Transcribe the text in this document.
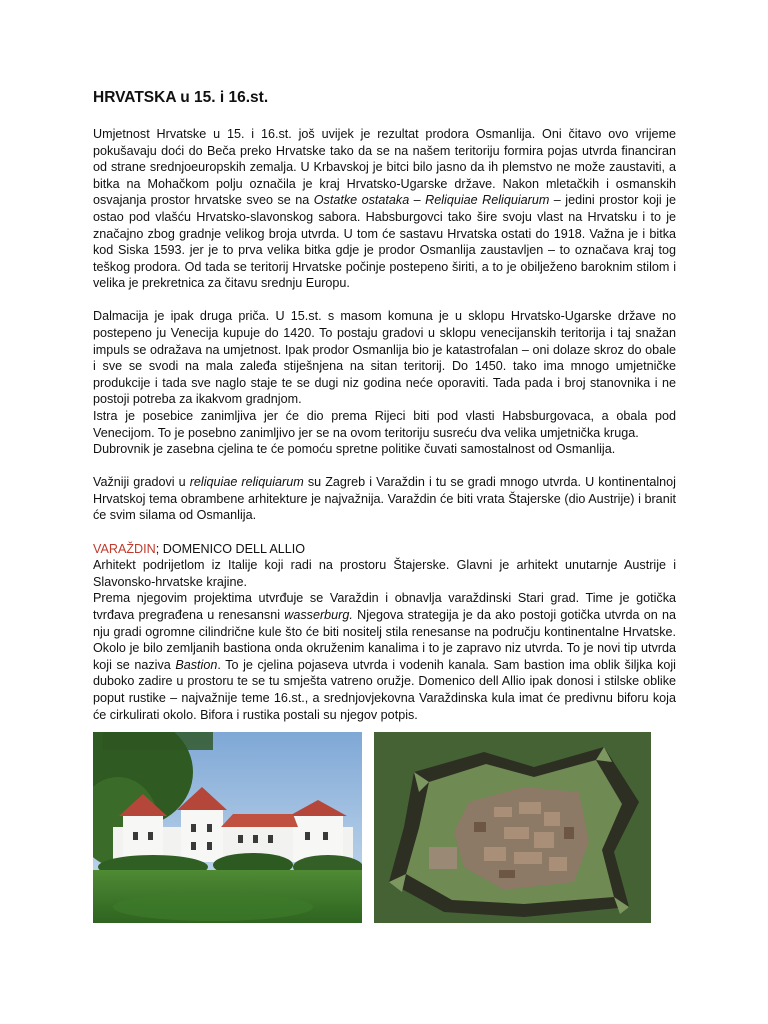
HRVATSKA u 15. i 16.st.

Umjetnost Hrvatske u 15. i 16.st. još uvijek je rezultat prodora Osmanlija. Oni čitavo ovo vrijeme pokušavaju doći do Beča preko Hrvatske tako da se na našem teritoriju formira pojas utvrda financiran od strane srednjoeuropskih zemalja. U Krbavskoj je bitci bilo jasno da ih plemstvo ne može zaustaviti, a bitka na Mohačkom polju označila je kraj Hrvatsko-Ugarske države. Nakon mletačkih i osmanskih osvajanja prostor hrvatske sveo se na Ostatke ostataka – Reliquiae Reliquiarum – jedini prostor koji je ostao pod vlašću Hrvatsko-slavonskog sabora. Habsburgovci tako šire svoju vlast na Hrvatsku i to je značajno zbog gradnje velikog broja utvrda. U tom će sastavu Hrvatska ostati do 1918. Važna je i bitka kod Siska 1593. jer je to prva velika bitka gdje je prodor Osmanlija zaustavljen – to označava kraj tog teškog prodora. Od tada se teritorij Hrvatske počinje postepeno širiti, a to je obilježeno baroknim stilom i velika je prekretnica za čitavu srednju Europu.

Dalmacija je ipak druga priča. U 15.st. s masom komuna je u sklopu Hrvatsko-Ugarske države no postepeno ju Venecija kupuje do 1420. To postaju gradovi u sklopu venecijanskih teritorija i taj snažan impuls se odražava na umjetnost. Ipak prodor Osmanlija bio je katastrofalan – oni dolaze skroz do obale i sve se svodi na mala zaleđa stiješnjena na sitan teritorij. Do 1450. tako ima mnogo umjetničke produkcije i tada sve naglo staje te se dugi niz godina neće oporaviti. Tada pada i broj stanovnika i ne postoji potreba za ikakvom gradnjom.

Istra je posebice zanimljiva jer će dio prema Rijeci biti pod vlasti Habsburgovaca, a obala pod Venecijom. To je posebno zanimljivo jer se na ovom teritoriju susreću dva velika umjetnička kruga.

Dubrovnik je zasebna cjelina te će pomoću spretne politike čuvati samostalnost od Osmanlija.

Važniji gradovi u reliquiae reliquiarum su Zagreb i Varaždin i tu se gradi mnogo utvrda. U kontinentalnoj Hrvatskoj tema obrambene arhitekture je najvažnija. Varaždin će biti vrata Štajerske (dio Austrije) i branit će svim silama od Osmanlija.

VARAŽDIN; DOMENICO DELL ALLIO

Arhitekt podrijetlom iz Italije koji radi na prostoru Štajerske. Glavni je arhitekt unutarnje Austrije i Slavonsko-hrvatske krajine.

Prema njegovim projektima utvrđuje se Varaždin i obnavlja varaždinski Stari grad. Time je gotička tvrđava pregrađena u renesansni wasserburg. Njegova strategija je da ako postoji gotička utvrda on na nju gradi ogromne cilindrične kule što će biti nositelj stila renesanse na području kontinentalne Hrvatske. Okolo je bilo zemljanih bastiona onda okruženim kanalima i to je zapravo niz utvrda. To je novi tip utvrda koji se naziva Bastion. To je cjelina pojaseva utvrda i vodenih kanala. Sam bastion ima oblik šiljka koji duboko zadire u prostoru te se tu smješta vatreno oružje. Domenico dell Allio ipak donosi i stilske oblike poput rustike – najvažnije teme 16.st., a srednjovjekovna Varaždinska kula imat će predivnu biforu koja će cirkulirati okolo. Bifora i rustika postali su njegov potpis.
